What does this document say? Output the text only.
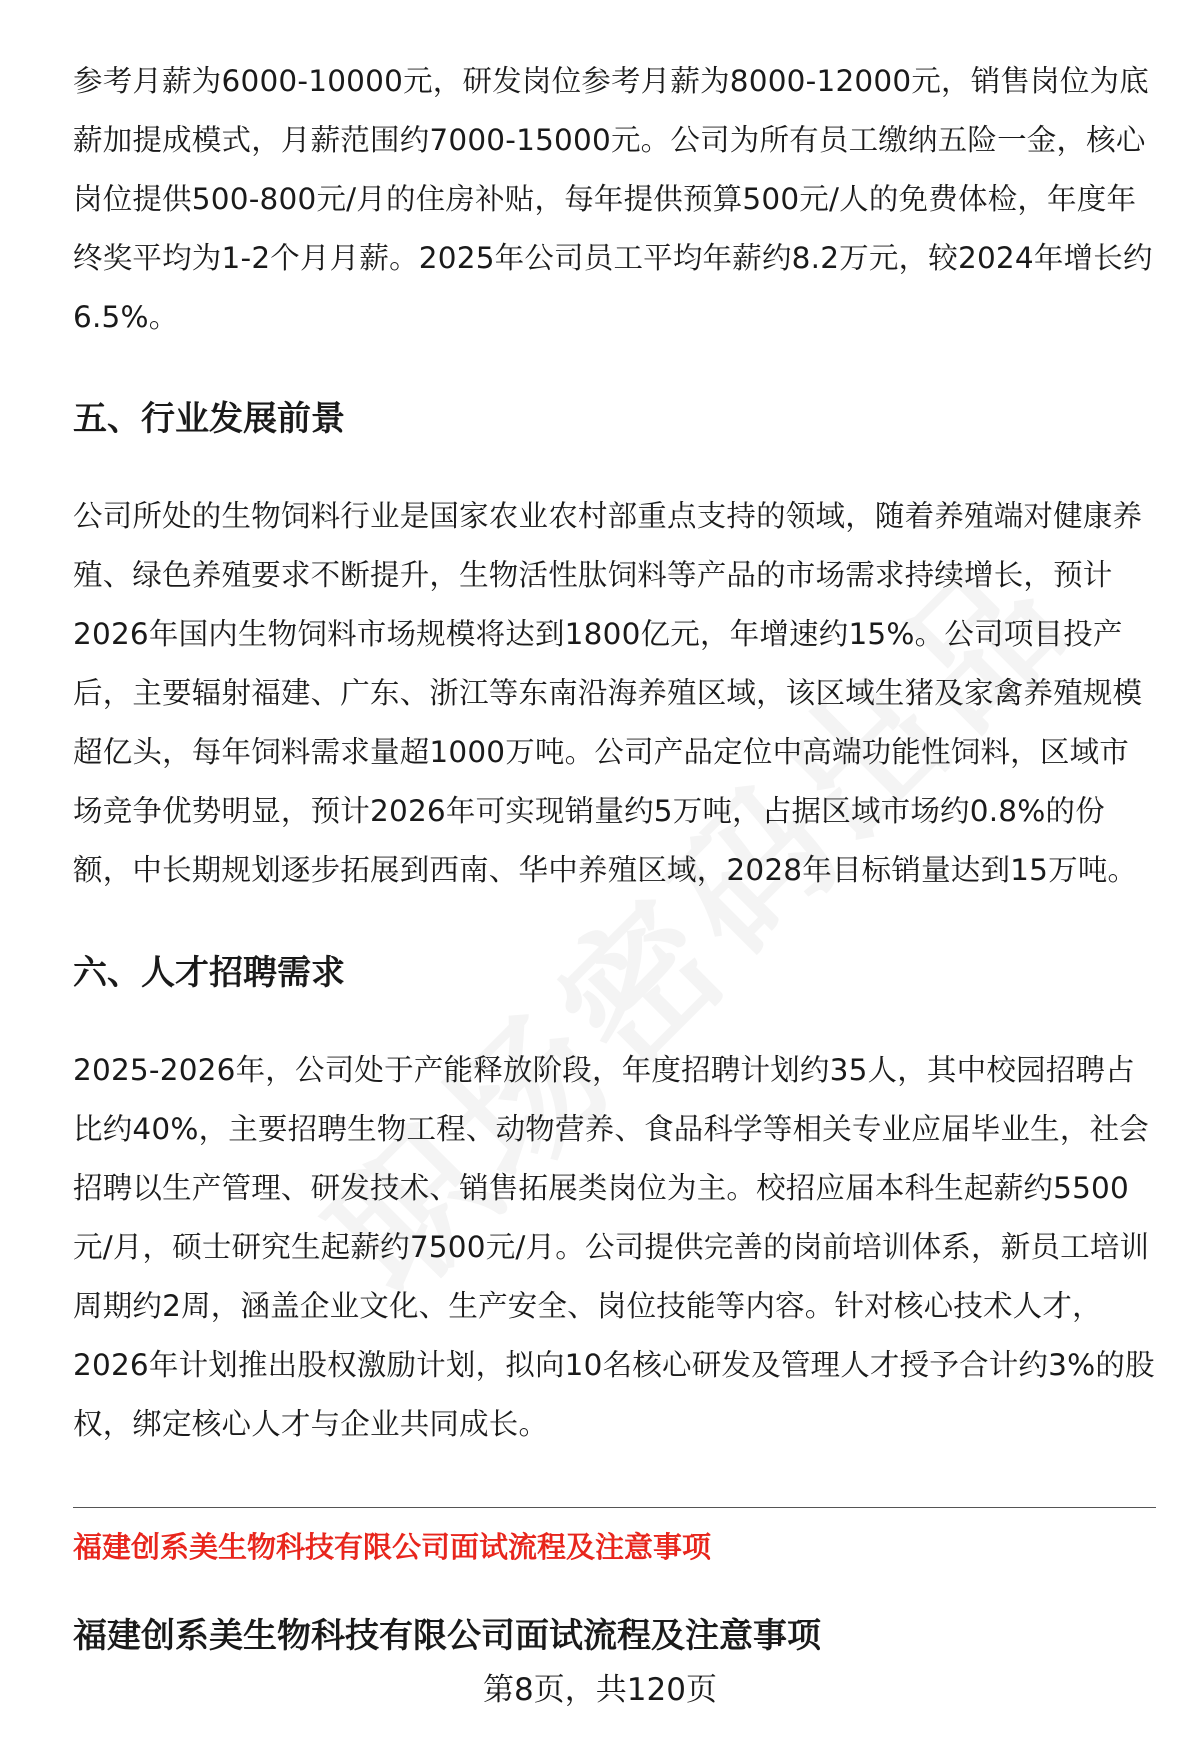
参考月薪为6000-10000元，研发岗位参考月薪为8000-12000元，销售岗位为底薪加提成模式，月薪范围约7000-15000元。公司为所有员工缴纳五险一金，核心岗位提供500-800元/月的住房补贴，每年提供预算500元/人的免费体检，年度年终奖平均为1-2个月月薪。2025年公司员工平均年薪约8.2万元，较2024年增长约6.5%。

五、行业发展前景

公司所处的生物饲料行业是国家农业农村部重点支持的领域，随着养殖端对健康养殖、绿色养殖要求不断提升，生物活性肽饲料等产品的市场需求持续增长，预计2026年国内生物饲料市场规模将达到1800亿元，年增速约15%。公司项目投产后，主要辐射福建、广东、浙江等东南沿海养殖区域，该区域生猪及家禽养殖规模超亿头，每年饲料需求量超1000万吨。公司产品定位中高端功能性饲料，区域市场竞争优势明显，预计2026年可实现销量约5万吨，占据区域市场约0.8%的份额，中长期规划逐步拓展到西南、华中养殖区域，2028年目标销量达到15万吨。

六、人才招聘需求

2025-2026年，公司处于产能释放阶段，年度招聘计划约35人，其中校园招聘占比约40%，主要招聘生物工程、动物营养、食品科学等相关专业应届毕业生，社会招聘以生产管理、研发技术、销售拓展类岗位为主。校招应届本科生起薪约5500元/月，硕士研究生起薪约7500元/月。公司提供完善的岗前培训体系，新员工培训周期约2周，涵盖企业文化、生产安全、岗位技能等内容。针对核心技术人才，2026年计划推出股权激励计划，拟向10名核心研发及管理人才授予合计约3%的股权，绑定核心人才与企业共同成长。

福建创系美生物科技有限公司面试流程及注意事项
福建创系美生物科技有限公司面试流程及注意事项
第8页，共120页
